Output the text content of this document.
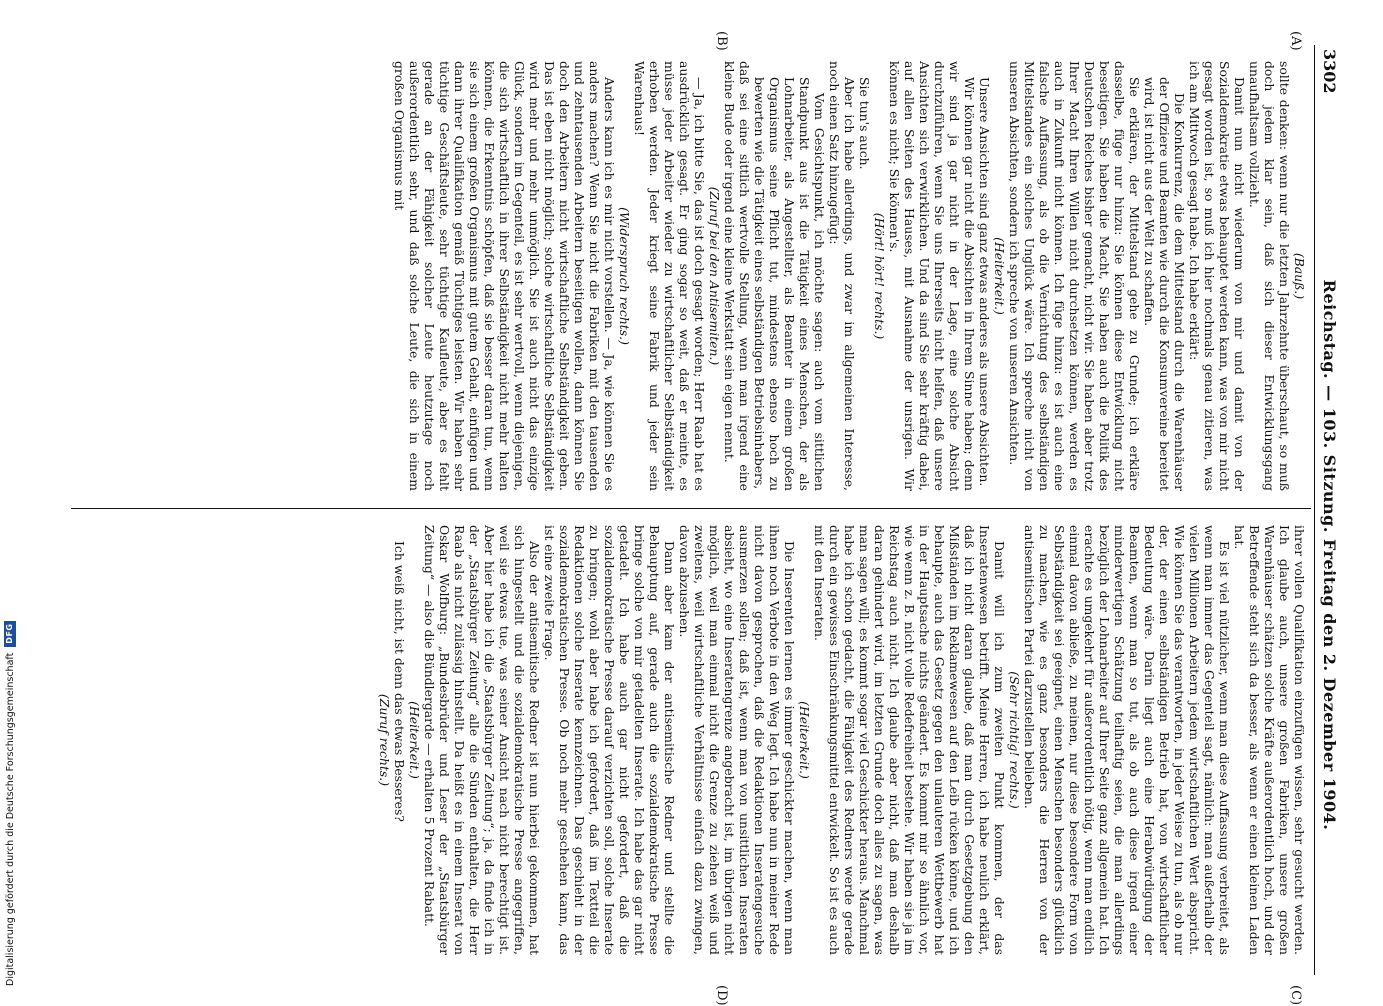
3302
Reichstag. — 103. Sitzung. Freitag den 2. Dezember 1904.
(A)
(B)
(C)
(D)

(Bauß.)

sollte denken: wenn nur die letzten Jahrzehnte überschaut, so muß doch jedem klar sein, daß sich dieser Entwicklungsgang unaufhaltsam vollzieht.

Damit nun nicht wiederum von mir und damit von der Sozialdemokratie etwas behauptet werden kann, was von mir nicht gesagt worden ist, so muß ich hier nochmals genau zitieren, was ich am Mittwoch gesagt habe. Ich habe erklärt:

Die Konkurrenz, die dem Mittelstand durch die Warenhäuser der Offiziere und Beamten wie durch die Konsumvereine bereitet wird, ist nicht aus der Welt zu schaffen.

Sie erklären, der Mittelstand gehe zu Grunde; ich erkläre dasselbe, füge nur hinzu: Sie können diese Entwicklung nicht beseitigen. Sie haben die Macht, Sie haben auch die Politik des Deutschen Reiches bisher gemacht, nicht wir. Sie haben aber trotz Ihrer Macht Ihren Willen nicht durchsetzen können, werden es auch in Zukunft nicht können. Ich füge hinzu: es ist auch eine falsche Auffassung, als ob die Vernichtung des selbständigen Mittelstandes ein solches Unglück wäre. Ich spreche nicht von unseren Absichten, sondern ich spreche von unseren Ansichten.

(Heiterkeit.)

Unsere Ansichten sind ganz etwas anderes als unsere Absichten.

Wir können gar nicht die Absichten in Ihrem Sinne haben; denn wir sind ja gar nicht in der Lage, eine solche Absicht durchzuführen, wenn Sie uns Ihrerseits nicht helfen, daß unsere Ansichten sich verwirklichen. Und da sind Sie sehr kräftig dabei, auf allen Seiten des Hauses, mit Ausnahme der unsrigen. Wir können es nicht; Sie können's.

(Hört! hört! rechts.)

Sie tun's auch.

Aber ich habe allerdings, und zwar im allgemeinen Interesse, noch einen Satz hinzugefügt:

Vom Gesichtspunkt, ich möchte sagen: auch vom sittlichen Standpunkt aus ist die Tätigkeit eines Menschen, der als Lohnarbeiter, als Angestellter, als Beamter in einem großen Organismus seine Pflicht tut, mindestens ebenso hoch zu bewerten wie die Tätigkeit eines selbständigen Betriebsinhabers,

daß sei eine sittlich wertvolle Stellung, wenn man irgend eine kleine Bude oder irgend eine kleine Werkstatt sein eigen nennt.

(Zuruf bei den Antisemiten.)

— Ja, ich bitte Sie, das ist doch gesagt worden; Herr Raab hat es ausdrücklich gesagt. Er ging sogar so weit, daß er meinte, es müsse jeder Arbeiter wieder zu wirtschaftlicher Selbständigkeit erhoben werden. Jeder kriegt seine Fabrik und jeder sein Warenhaus!

(Widerspruch rechts.)

Anders kann ich es mir nicht vorstellen. — Ja, wie können Sie es anders machen? Wenn Sie nicht die Fabriken mit den tausenden und zehntausenden Arbeitern beseitigen wollen, dann können Sie doch den Arbeitern nicht wirtschaftliche Selbständigkeit geben. Das ist eben nicht möglich; solche wirtschaftliche Selbständigkeit wird mehr und mehr unmöglich. Sie ist auch nicht das einzige Glück, sondern im Gegenteil, es ist sehr wertvoll, wenn diejenigen, die sich wirtschaftlich in ihrer Selbständigkeit nicht mehr halten können, die Erkenntnis schöpfen, daß sie besser daran tun, wenn sie sich einem großen Organismus mit gutem Gehalt, einfügen und dann ihrer Qualifikation gemäß Tüchtiges leisten. Wir haben sehr tüchtige Geschäftsleute, sehr tüchtige Kaufleute, aber es fehlt gerade an der Fähigkeit solcher Leute heutzutage noch außerordentlich sehr, und daß solche Leute, die sich in einem großen Organismus mit

ihrer vollen Qualifikation einzufügen wissen, sehr gesucht werden. Ich glaube auch, unsere großen Fabriken, unsere großen Warenhäuser schätzen solche Kräfte außerordentlich hoch, und der Betreffende steht sich da besser, als wenn er einen kleinen Laden hat.

Es ist viel nützlicher, wenn man diese Auffassung verbreitet, als wenn man immer das Gegenteil sagt, nämlich: man außerhalb der vielen Millionen Arbeitern jedem wirtschaftlichen Wert abspricht. Wie können Sie das verantworten, in jeder Weise zu tun, als ob nur der, der einen selbständigen Betrieb hat, von wirtschaftlicher Bedeutung wäre. Darin liegt auch eine Herabwürdigung der Beamten, wenn man so tut, als ob auch diese irgend einer minderwertigen Schätzung teilhaftig seien, die man allerdings bezüglich der Lohnarbeiter auf Ihrer Seite ganz allgemein hat. Ich erachte es umgekehrt für außerordentlich nötig, wenn man endlich einmal davon abließe, zu meinen, nur diese besondere Form von Selbständigkeit sei geeignet, einen Menschen besonders glücklich zu machen, wie es ganz besonders die Herren von der antisemitischen Partei darzustellen belieben.

(Sehr richtig! rechts.)

Damit will ich zum zweiten Punkt kommen, der das Inseratenwesen betrifft. Meine Herren, ich habe neulich erklärt, daß ich nicht daran glaube, daß man durch Gesetzgebung den Mißständen im Reklamewesen auf den Leib rücken könne, und ich behaupte, auch das Gesetz gegen den unlauteren Wettbewerb hat in der Hauptsache nichts geändert. Es kommt mir so ähnlich vor, wie wenn z. B. nicht volle Redefreiheit bestehe. Wir haben sie ja im Reichstag auch nicht. Ich glaube aber nicht, daß man deshalb daran gehindert wird, im letzten Grunde doch alles zu sagen, was man sagen will; es kommt sogar viel Geschickter heraus. Manchmal habe ich schon gedacht, die Fähigkeit des Redners werde gerade durch ein gewisses Einschränkungsmittel entwickelt. So ist es auch mit den Inseraten.

(Heiterkeit.)

Die Inserenten lernen es immer geschickter machen, wenn man ihnen noch Verbote in den Weg legt. Ich habe nun in meiner Rede nicht davon gesprochen, daß die Redaktionen Inseratengesuche ausmerzen sollen; daß ist, wenn man von unsittlichen Inseraten absieht, wo eine Inseratengrenze angebracht ist, im übrigen nicht möglich, weil man einmal nicht die Grenze zu ziehen weiß und zweitens, weil wirtschaftliche Verhältnisse einfach dazu zwingen, davon abzusehen.

Dann aber kam der antisemitische Redner und stellte die Behauptung auf, gerade auch die sozialdemokratische Presse bringe solche von mir getadelten Inserate. Ich habe das gar nicht getadelt. Ich habe auch gar nicht gefordert, daß die sozialdemokratische Presse darauf verzichten soll, solche Inserate zu bringen; wohl aber habe ich gefordert, daß im Textteil die Redaktionen solche Inserate kennzeichnen. Das geschieht in der sozialdemokratischen Presse. Ob noch mehr geschehen kann, das ist eine zweite Frage.

Also der antisemitische Redner ist nun hierbei gekommen, hat sich hingestellt und die sozialdemokratische Presse angegriffen, weil sie etwas tue, was seiner Ansicht nach nicht berechtigt ist. Aber hier habe ich die „Staatsbürger Zeitung“; ja, da finde ich in der „Staatsbürger Zeitung“ alle die Sünden enthalten, die Herr Raab als nicht zulässig hinstellt. Da heißt es in einem Inserat von Oskar Wolfburg: „Bundesbrüder und Leser der „Staatsbürger Zeitung“ — also die Bündlergarde — erhalten 5 Prozent Rabatt.

(Heiterkeit.)

Ich weiß nicht, ist denn das etwas Besseres?

(Zuruf rechts.)

Digitalisierung gefördert durch die Deutsche Forschungsgemeinschaft
DFG
